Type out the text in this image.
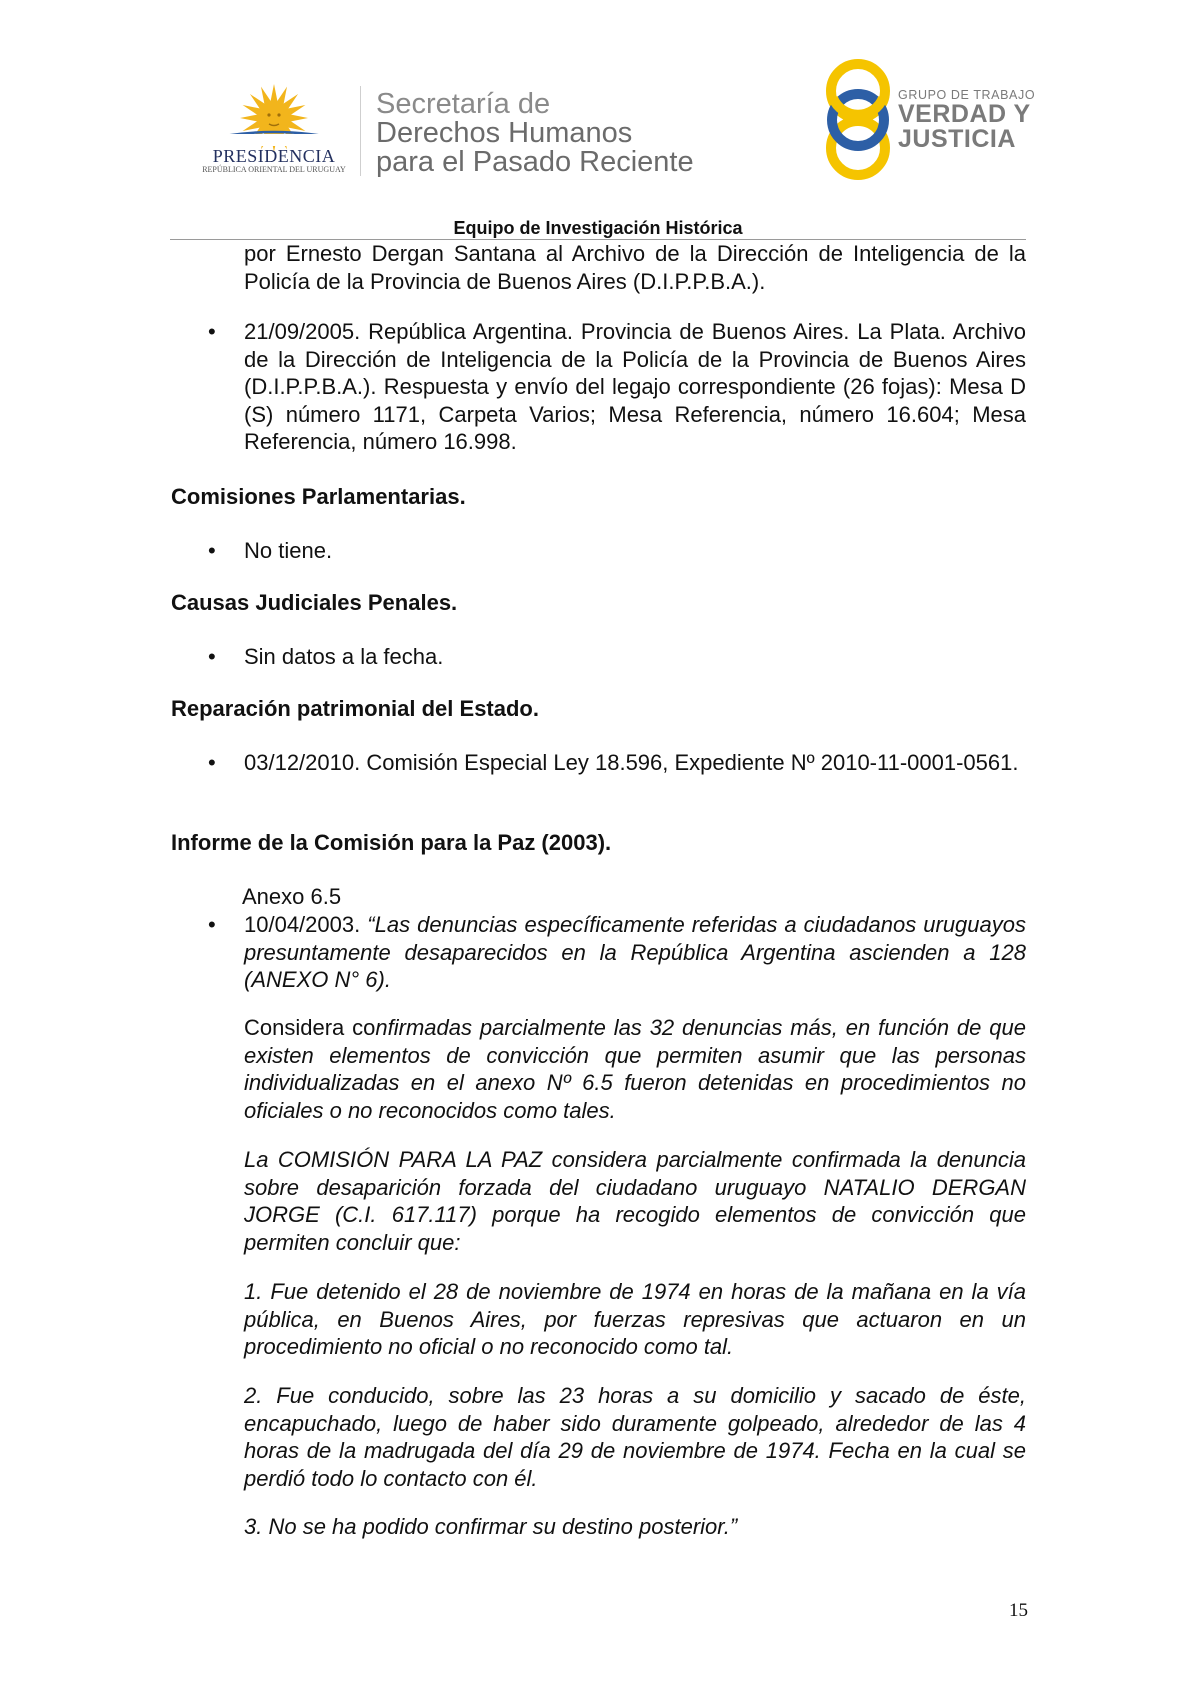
PRESIDENCIA
REPÚBLICA ORIENTAL DEL URUGUAY
Secretaría de
Derechos Humanos
para el Pasado Reciente
GRUPO DE TRABAJO
VERDAD Y
JUSTICIA
Equipo de Investigación Histórica

por Ernesto Dergan Santana al Archivo de la Dirección de Inteligencia de la Policía de la Provincia de Buenos Aires (D.I.P.P.B.A.).

• 21/09/2005. República Argentina. Provincia de Buenos Aires. La Plata. Archivo de la Dirección de Inteligencia de la Policía de la Provincia de Buenos Aires (D.I.P.P.B.A.). Respuesta y envío del legajo correspondiente (26 fojas): Mesa D (S) número 1171, Carpeta Varios; Mesa Referencia, número 16.604; Mesa Referencia, número 16.998.

Comisiones Parlamentarias.

• No tiene.

Causas Judiciales Penales.

• Sin datos a la fecha.

Reparación patrimonial del Estado.

• 03/12/2010. Comisión Especial Ley 18.596, Expediente Nº 2010-11-0001-0561.

Informe de la Comisión para la Paz (2003).

Anexo 6.5

• 10/04/2003. “Las denuncias específicamente referidas a ciudadanos uruguayos presuntamente desaparecidos en la República Argentina ascienden a 128 (ANEXO N° 6).

Considera confirmadas parcialmente las 32 denuncias más, en función de que existen elementos de convicción que permiten asumir que las personas individualizadas en el anexo Nº 6.5 fueron detenidas en procedimientos no oficiales o no reconocidos como tales.

La COMISIÓN PARA LA PAZ considera parcialmente confirmada la denuncia sobre desaparición forzada del ciudadano uruguayo NATALIO DERGAN JORGE (C.I. 617.117) porque ha recogido elementos de convicción que permiten concluir que:

1. Fue detenido el 28 de noviembre de 1974 en horas de la mañana en la vía pública, en Buenos Aires, por fuerzas represivas que actuaron en un procedimiento no oficial o no reconocido como tal.

2. Fue conducido, sobre las 23 horas a su domicilio y sacado de éste, encapuchado, luego de haber sido duramente golpeado, alrededor de las 4 horas de la madrugada del día 29 de noviembre de 1974. Fecha en la cual se perdió todo lo contacto con él.

3. No se ha podido confirmar su destino posterior.”

15
